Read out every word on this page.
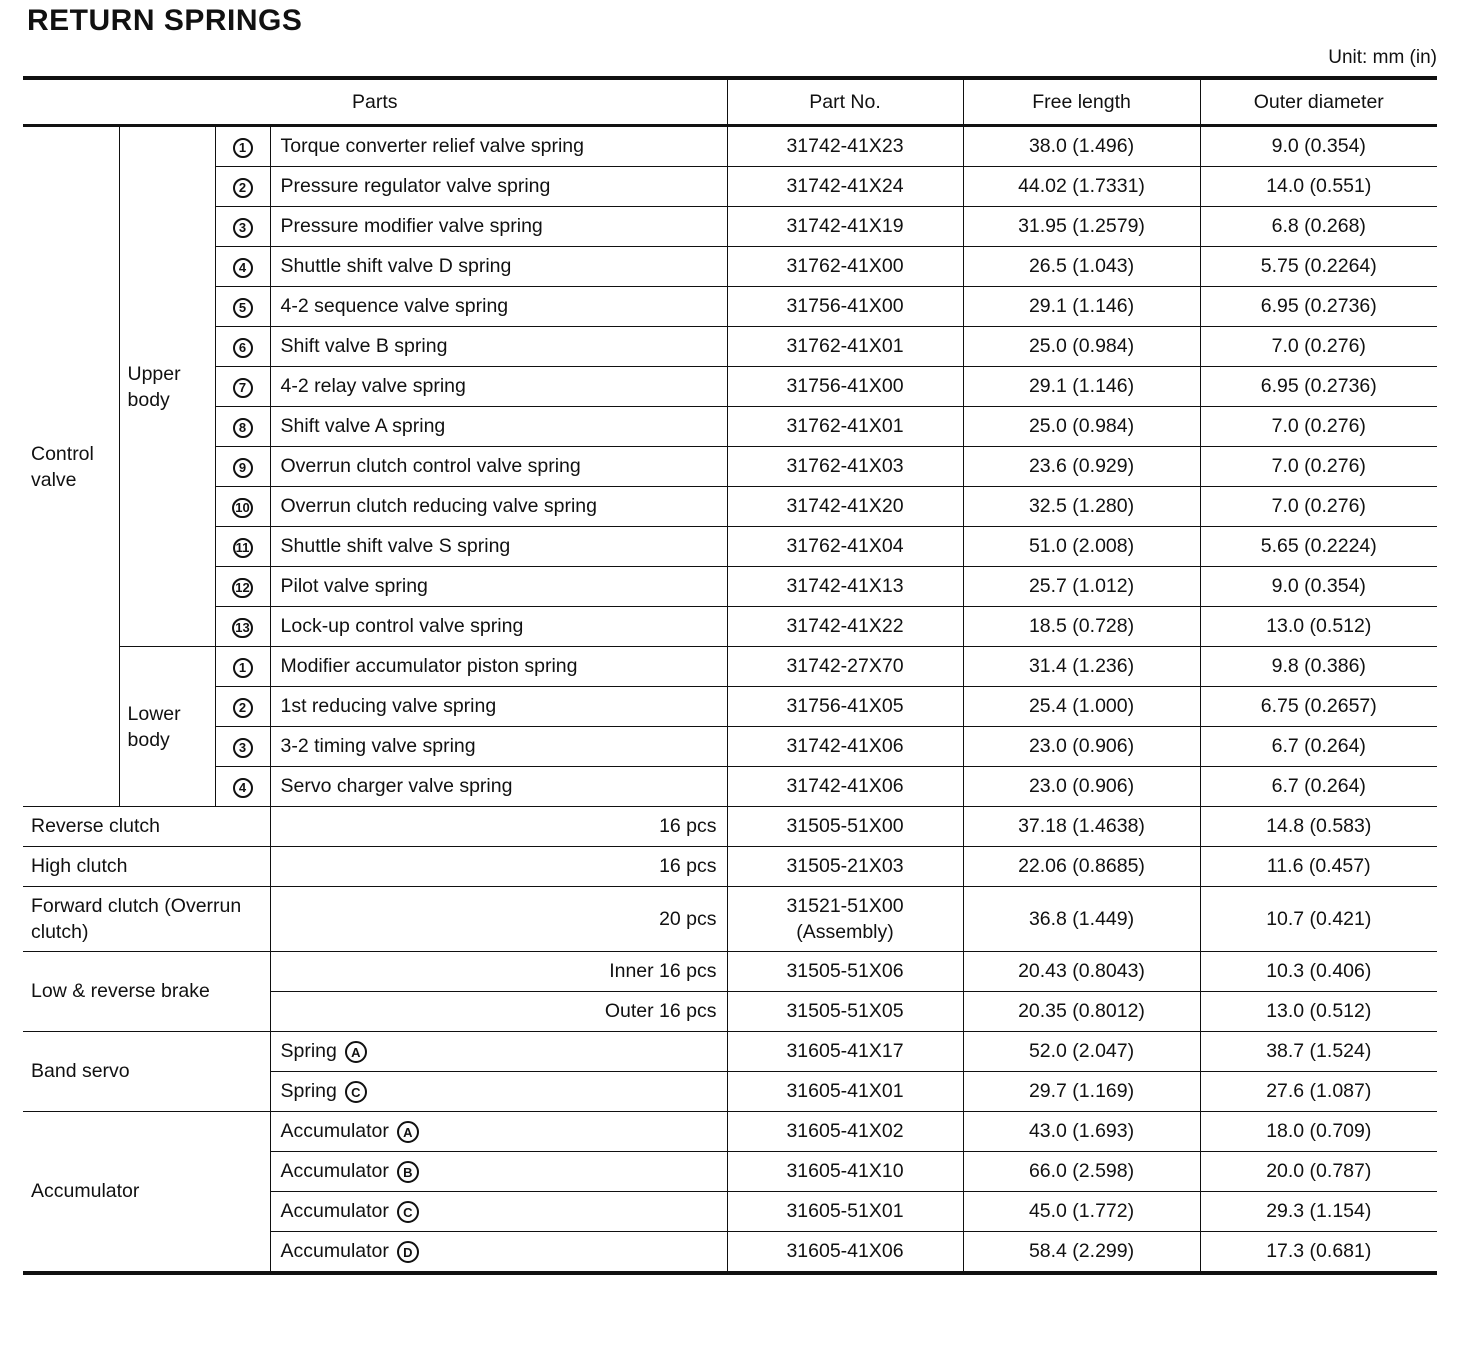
RETURN SPRINGS
Unit: mm (in)
Parts				Part No.	Free length	Outer diameter
Control valve	Upper body	1	Torque converter relief valve spring	31742-41X23	38.0 (1.496)	9.0 (0.354)
		2	Pressure regulator valve spring	31742-41X24	44.02 (1.7331)	14.0 (0.551)
		3	Pressure modifier valve spring	31742-41X19	31.95 (1.2579)	6.8 (0.268)
		4	Shuttle shift valve D spring	31762-41X00	26.5 (1.043)	5.75 (0.2264)
		5	4-2 sequence valve spring	31756-41X00	29.1 (1.146)	6.95 (0.2736)
		6	Shift valve B spring	31762-41X01	25.0 (0.984)	7.0 (0.276)
		7	4-2 relay valve spring	31756-41X00	29.1 (1.146)	6.95 (0.2736)
		8	Shift valve A spring	31762-41X01	25.0 (0.984)	7.0 (0.276)
		9	Overrun clutch control valve spring	31762-41X03	23.6 (0.929)	7.0 (0.276)
		10	Overrun clutch reducing valve spring	31742-41X20	32.5 (1.280)	7.0 (0.276)
		11	Shuttle shift valve S spring	31762-41X04	51.0 (2.008)	5.65 (0.2224)
		12	Pilot valve spring	31742-41X13	25.7 (1.012)	9.0 (0.354)
		13	Lock-up control valve spring	31742-41X22	18.5 (0.728)	13.0 (0.512)
	Lower body	1	Modifier accumulator piston spring	31742-27X70	31.4 (1.236)	9.8 (0.386)
		2	1st reducing valve spring	31756-41X05	25.4 (1.000)	6.75 (0.2657)
		3	3-2 timing valve spring	31742-41X06	23.0 (0.906)	6.7 (0.264)
		4	Servo charger valve spring	31742-41X06	23.0 (0.906)	6.7 (0.264)
Reverse clutch			16 pcs	31505-51X00	37.18 (1.4638)	14.8 (0.583)
High clutch			16 pcs	31505-21X03	22.06 (0.8685)	11.6 (0.457)
Forward clutch (Overrun clutch)			20 pcs	31521-51X00 (Assembly)	36.8 (1.449)	10.7 (0.421)
Low & reverse brake			Inner 16 pcs	31505-51X06	20.43 (0.8043)	10.3 (0.406)
			Outer 16 pcs	31505-51X05	20.35 (0.8012)	13.0 (0.512)
Band servo			Spring A	31605-41X17	52.0 (2.047)	38.7 (1.524)
			Spring C	31605-41X01	29.7 (1.169)	27.6 (1.087)
Accumulator			Accumulator A	31605-41X02	43.0 (1.693)	18.0 (0.709)
			Accumulator B	31605-41X10	66.0 (2.598)	20.0 (0.787)
			Accumulator C	31605-51X01	45.0 (1.772)	29.3 (1.154)
			Accumulator D	31605-41X06	58.4 (2.299)	17.3 (0.681)
